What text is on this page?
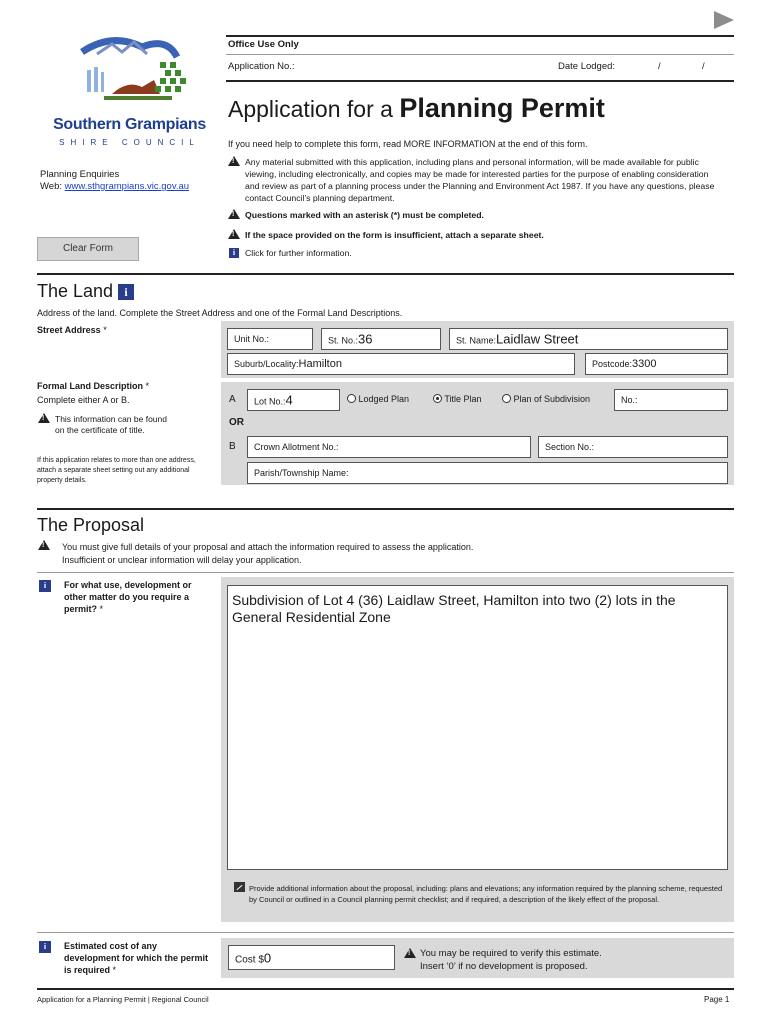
Southern Grampians
SHIRE COUNCIL
Planning Enquiries
Web: www.sthgrampians.vic.gov.au
Clear Form
Office Use Only
Application No.:	Date Lodged:	/	/
Application for a Planning Permit
If you need help to complete this form, read MORE INFORMATION at the end of this form.
!
Any material submitted with this application, including plans and personal information, will be made available for public viewing, including electronically, and copies may be made for interested parties for the purpose of enabling consideration and review as part of a planning process under the Planning and Environment Act 1987. If you have any questions, please contact Council’s planning department.
!
Questions marked with an asterisk (*) must be completed.
!
If the space provided on the form is insufficient, attach a separate sheet.
i	Click for further information.
The Land i
Address of the land. Complete the Street Address and one of the Formal Land Descriptions.
Street Address *
Unit No.:	St. No.:36	St. Name:Laidlaw Street
Suburb/Locality:Hamilton	Postcode:3300
Formal Land Description *
Complete either A or B.
!
This information can be found on the certificate of title.
If this application relates to more than one address, attach a separate sheet setting out any additional property details.
A Lot No.:4	Lodged Plan	Title Plan	Plan of Subdivision	No.:
OR
B Crown Allotment No.:	Section No.:
Parish/Township Name:
The Proposal
!
You must give full details of your proposal and attach the information required to assess the application.
Insufficient or unclear information will delay your application.
i	For what use, development or other matter do you require a permit? *
Subdivision of Lot 4 (36) Laidlaw Street, Hamilton into two (2) lots in the General Residential Zone
Provide additional information about the proposal, including: plans and elevations; any information required by the planning scheme, requested by Council or outlined in a Council planning permit checklist; and if required, a description of the likely effect of the proposal.
i	Estimated cost of any development for which the permit is required *
Cost $0
!	You may be required to verify this estimate.
Insert ‘0’ if no development is proposed.
Application for a Planning Permit | Regional Council	Page 1
